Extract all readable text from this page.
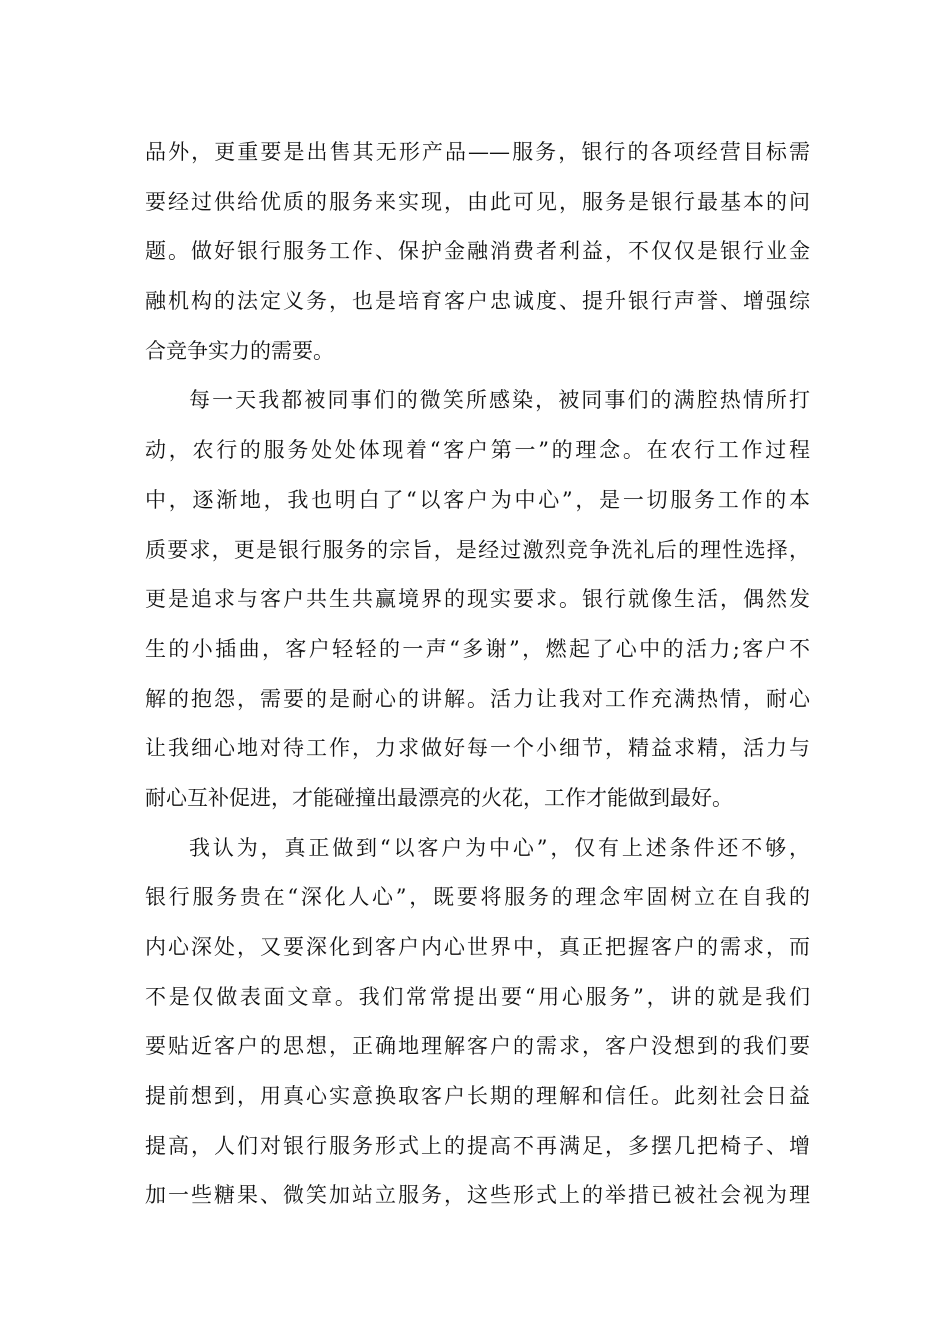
品外，更重要是出售其无形产品——服务，银行的各项经营目标需
要经过供给优质的服务来实现，由此可见，服务是银行最基本的问
题。做好银行服务工作、保护金融消费者利益，不仅仅是银行业金
融机构的法定义务，也是培育客户忠诚度、提升银行声誉、增强综
合竞争实力的需要。
每一天我都被同事们的微笑所感染，被同事们的满腔热情所打
动，农行的服务处处体现着“客户第一”的理念。在农行工作过程
中，逐渐地，我也明白了“以客户为中心”，是一切服务工作的本
质要求，更是银行服务的宗旨，是经过激烈竞争洗礼后的理性选择，
更是追求与客户共生共赢境界的现实要求。银行就像生活，偶然发
生的小插曲，客户轻轻的一声“多谢”，燃起了心中的活力;客户不
解的抱怨，需要的是耐心的讲解。活力让我对工作充满热情，耐心
让我细心地对待工作，力求做好每一个小细节，精益求精，活力与
耐心互补促进，才能碰撞出最漂亮的火花，工作才能做到最好。
我认为，真正做到“以客户为中心”，仅有上述条件还不够，
银行服务贵在“深化人心”，既要将服务的理念牢固树立在自我的
内心深处，又要深化到客户内心世界中，真正把握客户的需求，而
不是仅做表面文章。我们常常提出要“用心服务”，讲的就是我们
要贴近客户的思想，正确地理解客户的需求，客户没想到的我们要
提前想到，用真心实意换取客户长期的理解和信任。此刻社会日益
提高，人们对银行服务形式上的提高不再满足，多摆几把椅子、增
加一些糖果、微笑加站立服务，这些形式上的举措已被社会视为理
